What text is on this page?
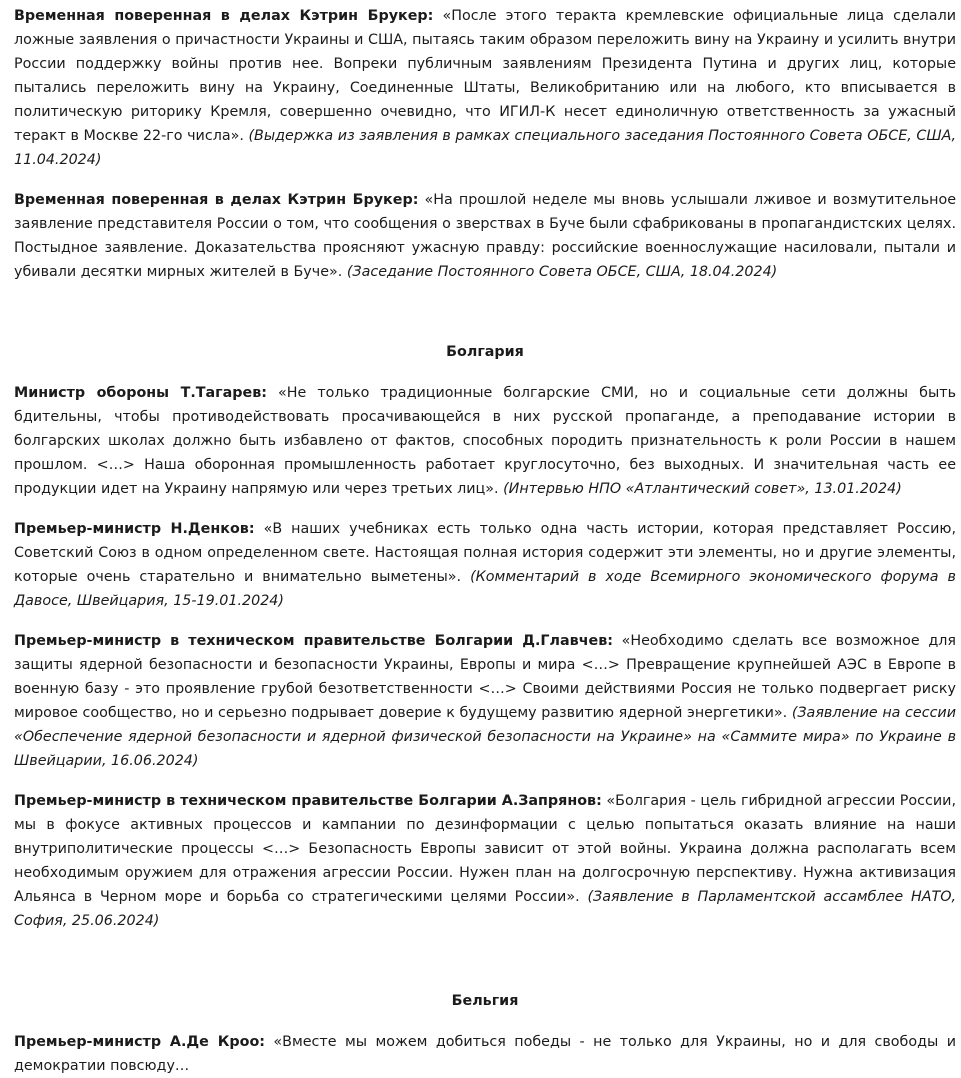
Временная поверенная в делах Кэтрин Брукер: «После этого теракта кремлевские официальные лица сделали ложные заявления о причастности Украины и США, пытаясь таким образом переложить вину на Украину и усилить внутри России поддержку войны против нее. Вопреки публичным заявлениям Президента Путина и других лиц, которые пытались переложить вину на Украину, Соединенные Штаты, Великобританию или на любого, кто вписывается в политическую риторику Кремля, совершенно очевидно, что ИГИЛ-К несет единоличную ответственность за ужасный теракт в Москве 22-го числа». (Выдержка из заявления в рамках специального заседания Постоянного Совета ОБСЕ, США, 11.04.2024)

Временная поверенная в делах Кэтрин Брукер: «На прошлой неделе мы вновь услышали лживое и возмутительное заявление представителя России о том, что сообщения о зверствах в Буче были сфабрикованы в пропагандистских целях. Постыдное заявление. Доказательства проясняют ужасную правду: российские военнослужащие насиловали, пытали и убивали десятки мирных жителей в Буче». (Заседание Постоянного Совета ОБСЕ, США, 18.04.2024)

Болгария

Министр обороны Т.Тагарев: «Не только традиционные болгарские СМИ, но и социальные сети должны быть бдительны, чтобы противодействовать просачивающейся в них русской пропаганде, а преподавание истории в болгарских школах должно быть избавлено от фактов, способных породить признательность к роли России в нашем прошлом. <…> Наша оборонная промышленность работает круглосуточно, без выходных. И значительная часть ее продукции идет на Украину напрямую или через третьих лиц». (Интервью НПО «Атлантический совет», 13.01.2024)

Премьер-министр Н.Денков: «В наших учебниках есть только одна часть истории, которая представляет Россию, Советский Союз в одном определенном свете. Настоящая полная история содержит эти элементы, но и другие элементы, которые очень старательно и внимательно выметены». (Комментарий в ходе Всемирного экономического форума в Давосе, Швейцария, 15-19.01.2024)

Премьер-министр в техническом правительстве Болгарии Д.Главчев: «Необходимо сделать все возможное для защиты ядерной безопасности и безопасности Украины, Европы и мира <…> Превращение крупнейшей АЭС в Европе в военную базу - это проявление грубой безответственности <…> Своими действиями Россия не только подвергает риску мировое сообщество, но и серьезно подрывает доверие к будущему развитию ядерной энергетики». (Заявление на сессии «Обеспечение ядерной безопасности и ядерной физической безопасности на Украине» на «Саммите мира» по Украине в Швейцарии, 16.06.2024)

Премьер-министр в техническом правительстве Болгарии А.Запрянов: «Болгария - цель гибридной агрессии России, мы в фокусе активных процессов и кампании по дезинформации с целью попытаться оказать влияние на наши внутриполитические процессы <…> Безопасность Европы зависит от этой войны. Украина должна располагать всем необходимым оружием для отражения агрессии России. Нужен план на долгосрочную перспективу. Нужна активизация Альянса в Черном море и борьба со стратегическими целями России». (Заявление в Парламентской ассамблее НАТО, София, 25.06.2024)

Бельгия

Премьер-министр А.Де Кроо: «Вместе мы можем добиться победы - не только для Украины, но и для свободы и демократии повсюду…
